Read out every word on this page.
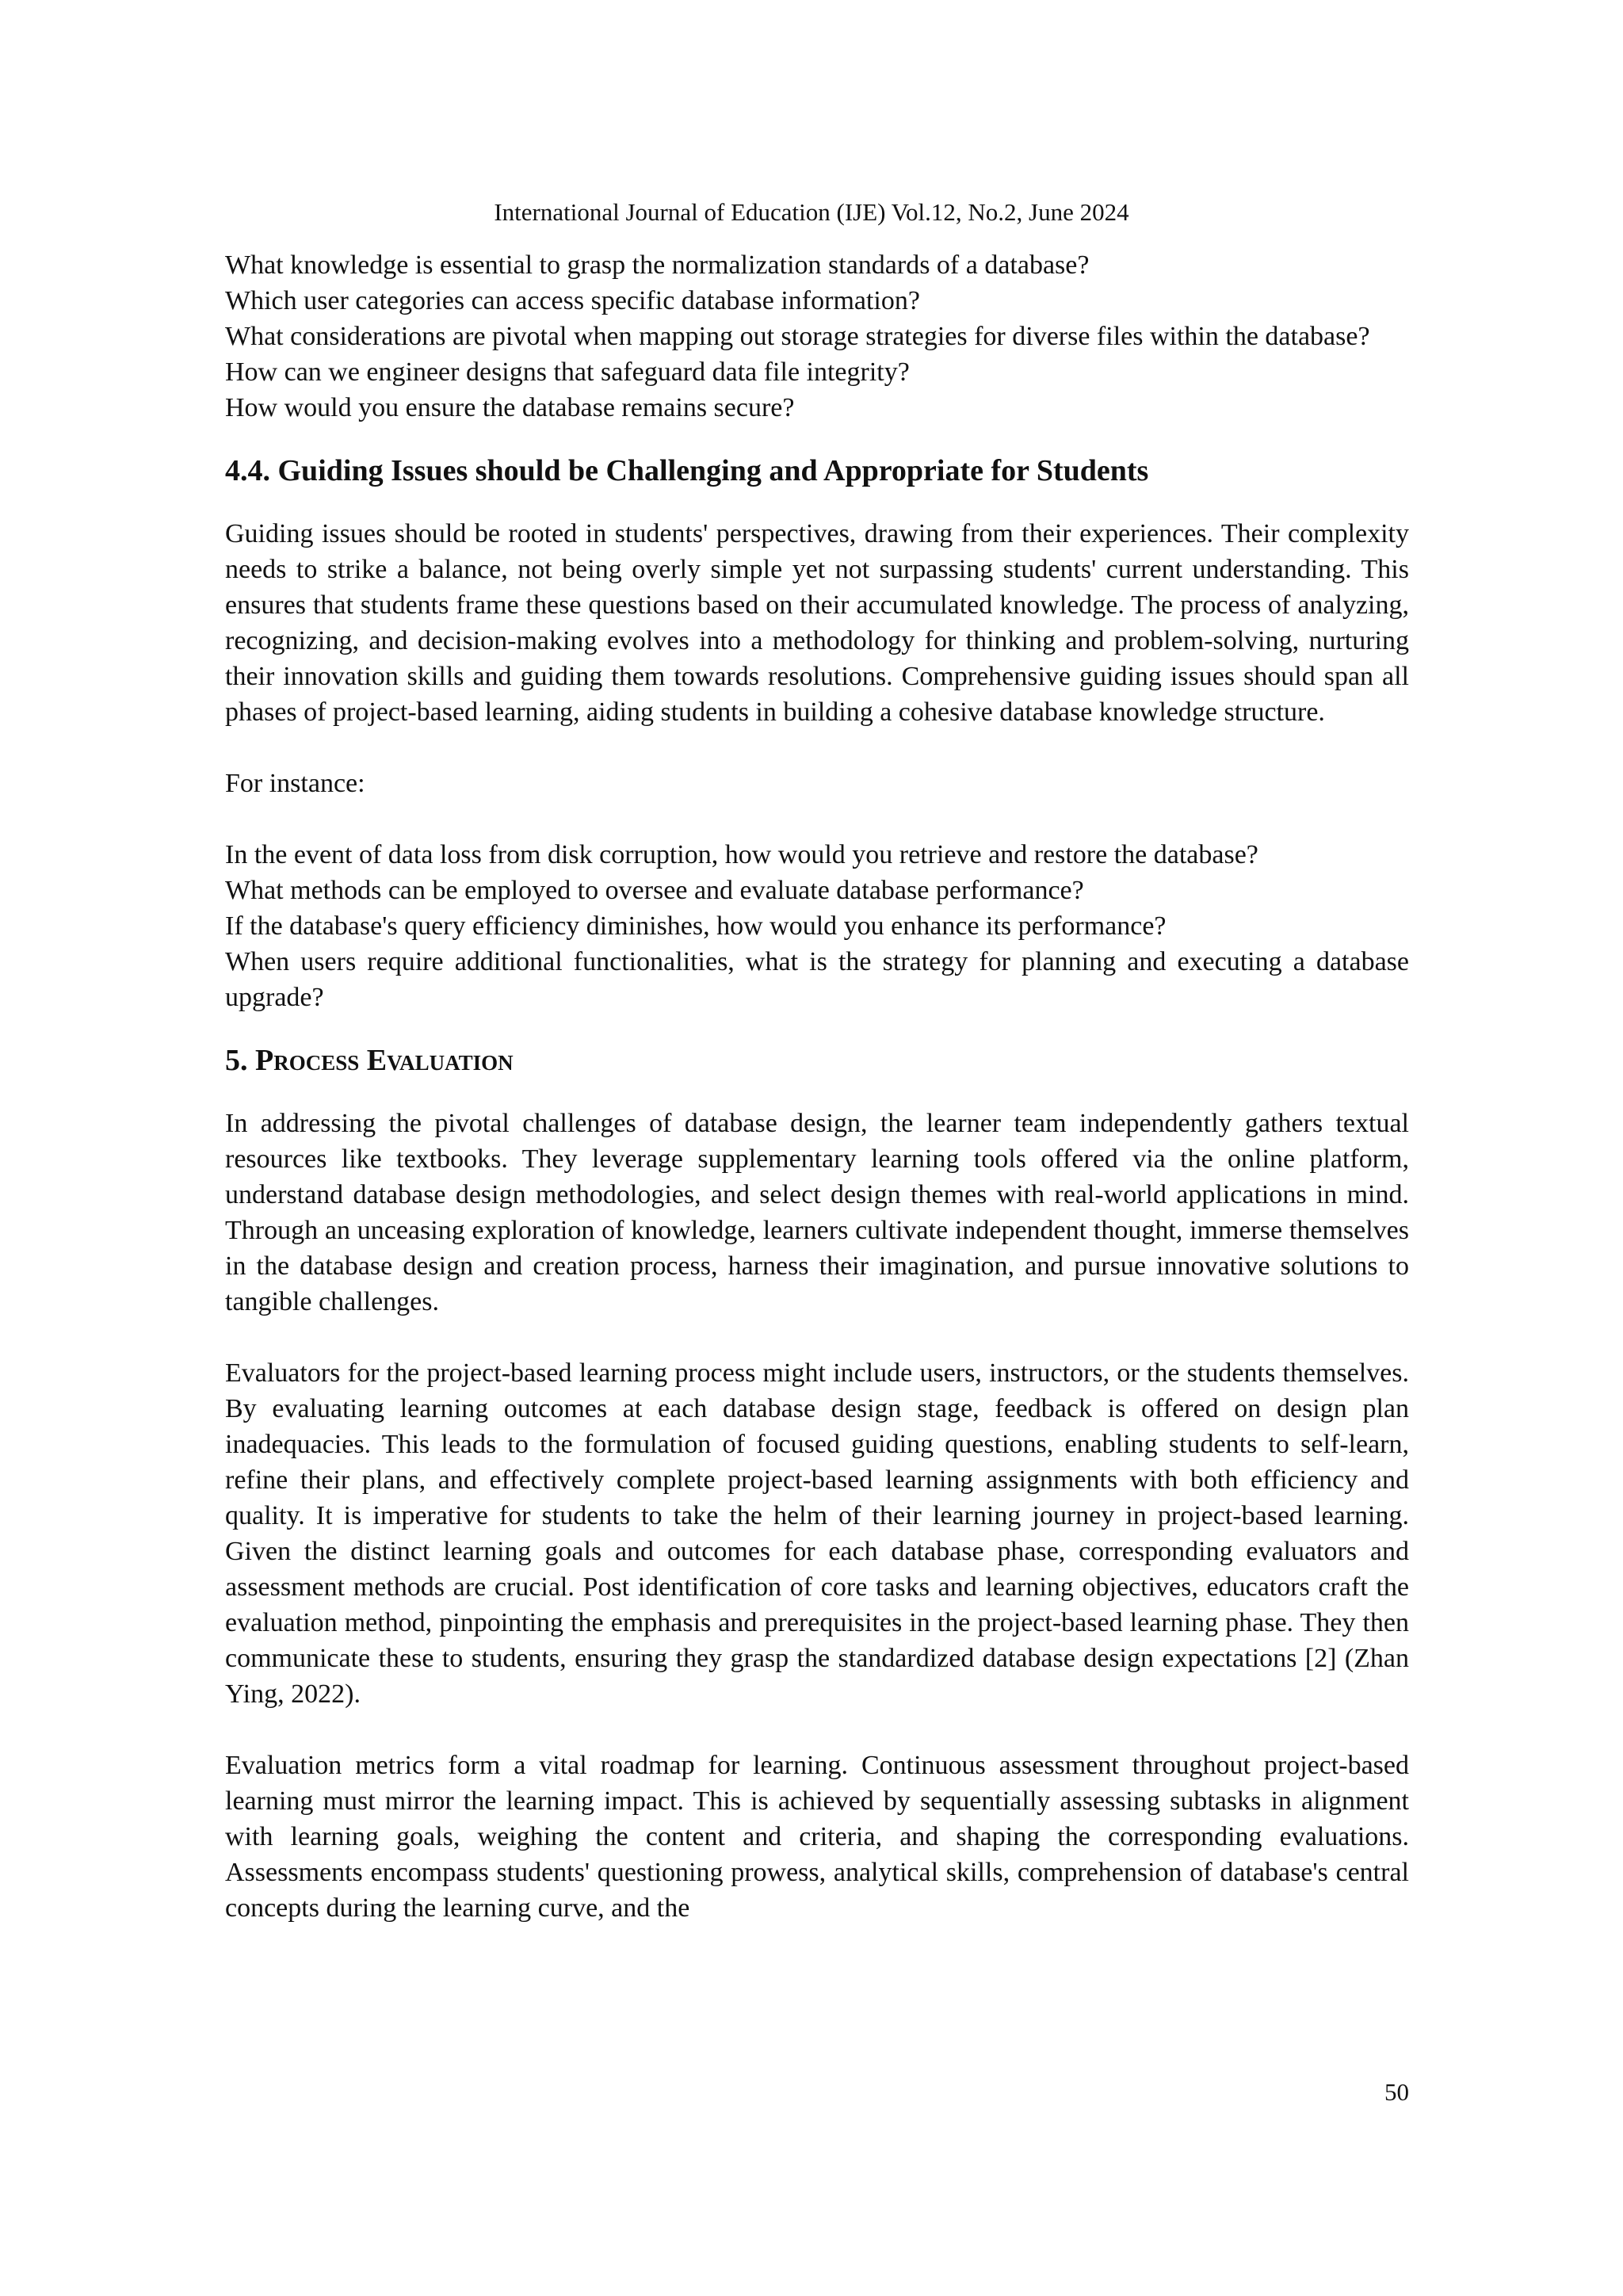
International Journal of Education (IJE) Vol.12, No.2, June 2024

What knowledge is essential to grasp the normalization standards of a database?

Which user categories can access specific database information?

What considerations are pivotal when mapping out storage strategies for diverse files within the database?

How can we engineer designs that safeguard data file integrity?

How would you ensure the database remains secure?

4.4. Guiding Issues should be Challenging and Appropriate for Students

Guiding issues should be rooted in students' perspectives, drawing from their experiences. Their complexity needs to strike a balance, not being overly simple yet not surpassing students' current understanding. This ensures that students frame these questions based on their accumulated knowledge. The process of analyzing, recognizing, and decision-making evolves into a methodology for thinking and problem-solving, nurturing their innovation skills and guiding them towards resolutions. Comprehensive guiding issues should span all phases of project-based learning, aiding students in building a cohesive database knowledge structure.

For instance:

In the event of data loss from disk corruption, how would you retrieve and restore the database?

What methods can be employed to oversee and evaluate database performance?

If the database's query efficiency diminishes, how would you enhance its performance?

When users require additional functionalities, what is the strategy for planning and executing a database upgrade?

5. Process Evaluation

In addressing the pivotal challenges of database design, the learner team independently gathers textual resources like textbooks. They leverage supplementary learning tools offered via the online platform, understand database design methodologies, and select design themes with real-world applications in mind. Through an unceasing exploration of knowledge, learners cultivate independent thought, immerse themselves in the database design and creation process, harness their imagination, and pursue innovative solutions to tangible challenges.

Evaluators for the project-based learning process might include users, instructors, or the students themselves. By evaluating learning outcomes at each database design stage, feedback is offered on design plan inadequacies. This leads to the formulation of focused guiding questions, enabling students to self-learn, refine their plans, and effectively complete project-based learning assignments with both efficiency and quality. It is imperative for students to take the helm of their learning journey in project-based learning. Given the distinct learning goals and outcomes for each database phase, corresponding evaluators and assessment methods are crucial. Post identification of core tasks and learning objectives, educators craft the evaluation method, pinpointing the emphasis and prerequisites in the project-based learning phase. They then communicate these to students, ensuring they grasp the standardized database design expectations [2] (Zhan Ying, 2022).

Evaluation metrics form a vital roadmap for learning. Continuous assessment throughout project-based learning must mirror the learning impact. This is achieved by sequentially assessing subtasks in alignment with learning goals, weighing the content and criteria, and shaping the corresponding evaluations. Assessments encompass students' questioning prowess, analytical skills, comprehension of database's central concepts during the learning curve, and the

50
